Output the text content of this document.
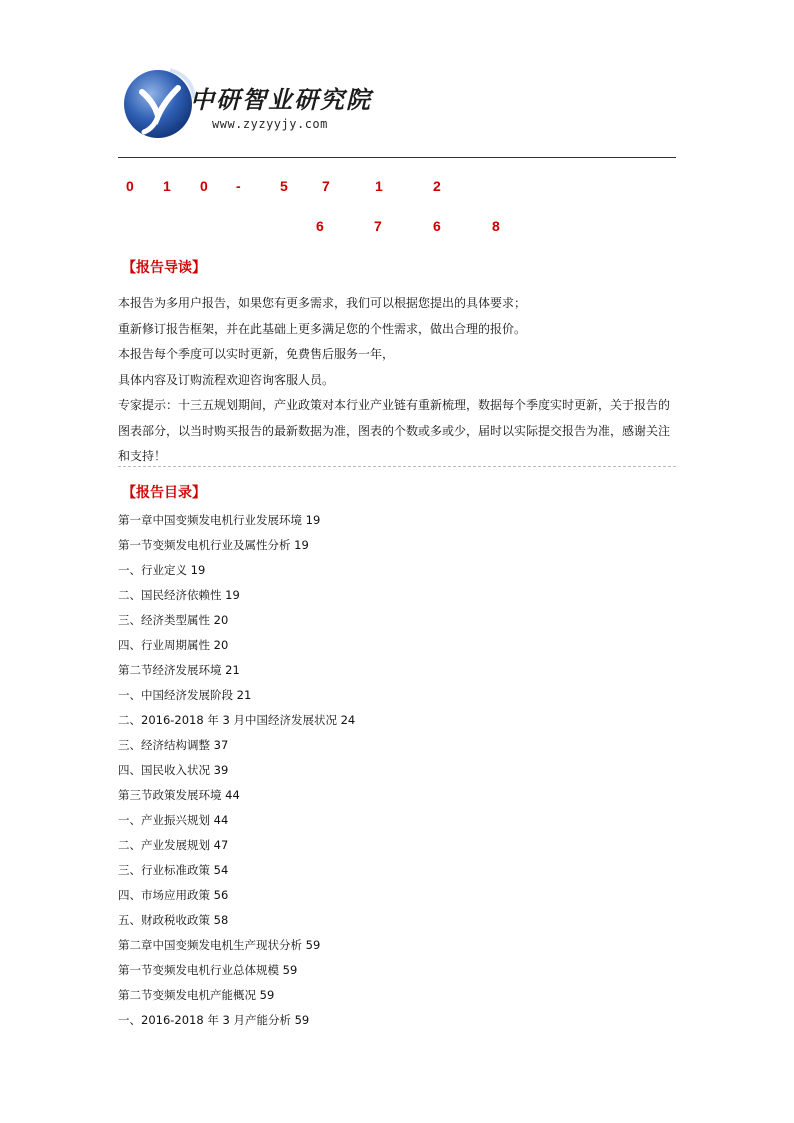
中研智业研究院
www.zyzyyjy.com
0 1 0 -	5 7	1	2
6	7	6	8
【报告导读】

本报告为多用户报告，如果您有更多需求，我们可以根据您提出的具体要求；

重新修订报告框架，并在此基础上更多满足您的个性需求，做出合理的报价。

本报告每个季度可以实时更新，免费售后服务一年，

具体内容及订购流程欢迎咨询客服人员。

专家提示：十三五规划期间，产业政策对本行业产业链有重新梳理，数据每个季度实时更新，关于报告的图表部分，以当时购买报告的最新数据为准，图表的个数或多或少，届时以实际提交报告为准，感谢关注和支持！

【报告目录】
第一章中国变频发电机行业发展环境 19
第一节变频发电机行业及属性分析 19
一、行业定义 19
二、国民经济依赖性 19
三、经济类型属性 20
四、行业周期属性 20
第二节经济发展环境 21
一、中国经济发展阶段 21
二、2016-2018 年 3 月中国经济发展状况 24
三、经济结构调整 37
四、国民收入状况 39
第三节政策发展环境 44
一、产业振兴规划 44
二、产业发展规划 47
三、行业标准政策 54
四、市场应用政策 56
五、财政税收政策 58
第二章中国变频发电机生产现状分析 59
第一节变频发电机行业总体规模 59
第二节变频发电机产能概况 59
一、2016-2018 年 3 月产能分析 59
